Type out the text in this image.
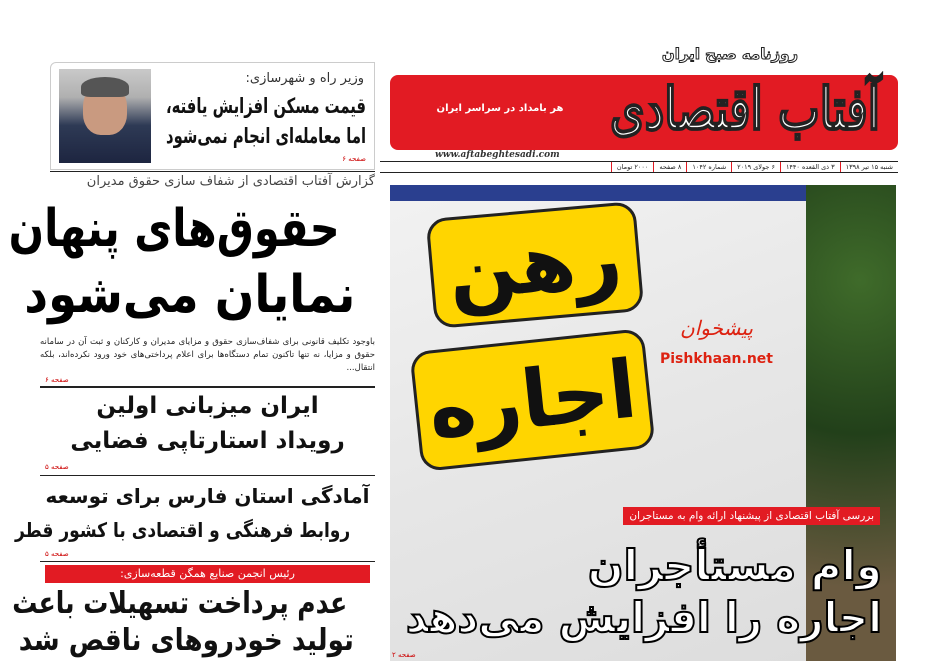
آفتاب اقتصادی
روزنامه صبح ایران
هر بامداد در سراسر ایران
www.aftabeghtesadi.com
شنبه ۱۵ تیر ۱۳۹۸
۳ ذی القعده ۱۴۴۰
۶ جولای ۲۰۱۹
شماره ۱۰۴۲
۸ صفحه
۲۰۰۰ تومان
وزیر راه و شهرسازی:
قیمت مسکن افزایش یافته،
اما معامله‌ای انجام نمی‌شود
صفحه ۶
گزارش آفتاب اقتصادی از شفاف سازی حقوق مدیران
حقوق‌های پنهان
نمایان می‌شود
باوجود تکلیف قانونی برای شفاف‌سازی حقوق و مزایای مدیران و کارکنان و ثبت آن در سامانه حقوق و مزایا، نه تنها تاکنون تمام دستگاه‌ها برای اعلام پرداختی‌های خود ورود نکرده‌اند، بلکه انتقال...
صفحه ۶
ایران میزبانی اولین
رویداد استارتاپی فضایی
صفحه ۵
آمادگی استان فارس برای توسعه
روابط فرهنگی و اقتصادی با کشور قطر
صفحه ۵
رئیس انجمن صنایع همگن قطعه‌سازی:
عدم پرداخت تسهیلات باعث
تولید خودروهای ناقص شد
رهن
اجاره
پیشخوان
Pishkhaan.net
بررسی آفتاب اقتصادی از پیشنهاد ارائه وام به مستاجران
وام مستأجران
اجاره را افزایش می‌دهد
صفحه ۲
